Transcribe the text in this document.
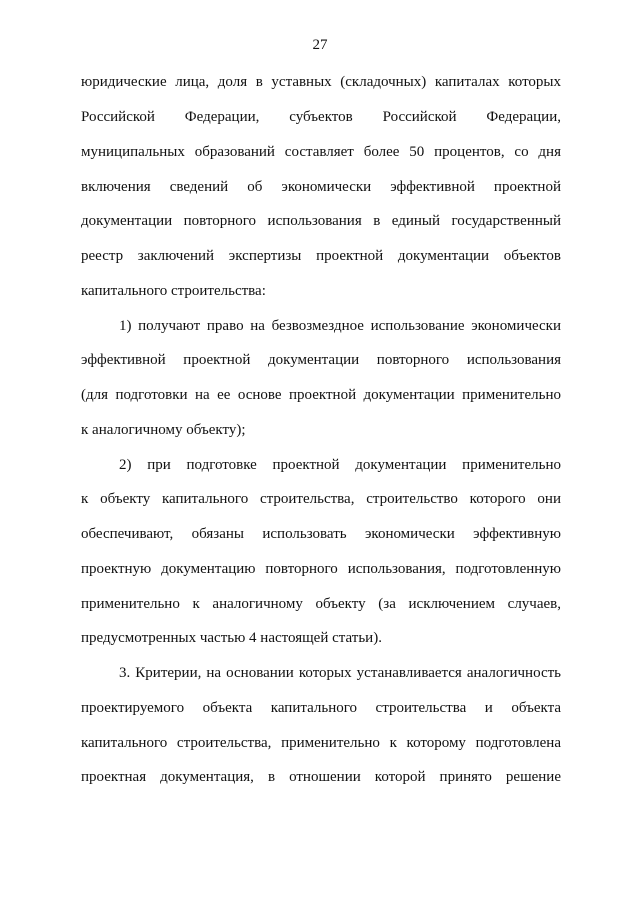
27
юридические лица, доля в уставных (складочных) капиталах которых
Российской Федерации, субъектов Российской Федерации,
муниципальных образований составляет более 50 процентов, со дня
включения сведений об экономически эффективной проектной
документации повторного использования в единый государственный
реестр заключений экспертизы проектной документации объектов
капитального строительства:
1) получают право на безвозмездное использование экономически
эффективной проектной документации повторного использования
(для подготовки на ее основе проектной документации применительно
к аналогичному объекту);
2) при подготовке проектной документации применительно
к объекту капитального строительства, строительство которого они
обеспечивают, обязаны использовать экономически эффективную
проектную документацию повторного использования, подготовленную
применительно к аналогичному объекту (за исключением случаев,
предусмотренных частью 4 настоящей статьи).
3. Критерии, на основании которых устанавливается аналогичность
проектируемого объекта капитального строительства и объекта
капитального строительства, применительно к которому подготовлена
проектная документация, в отношении которой принято решение
